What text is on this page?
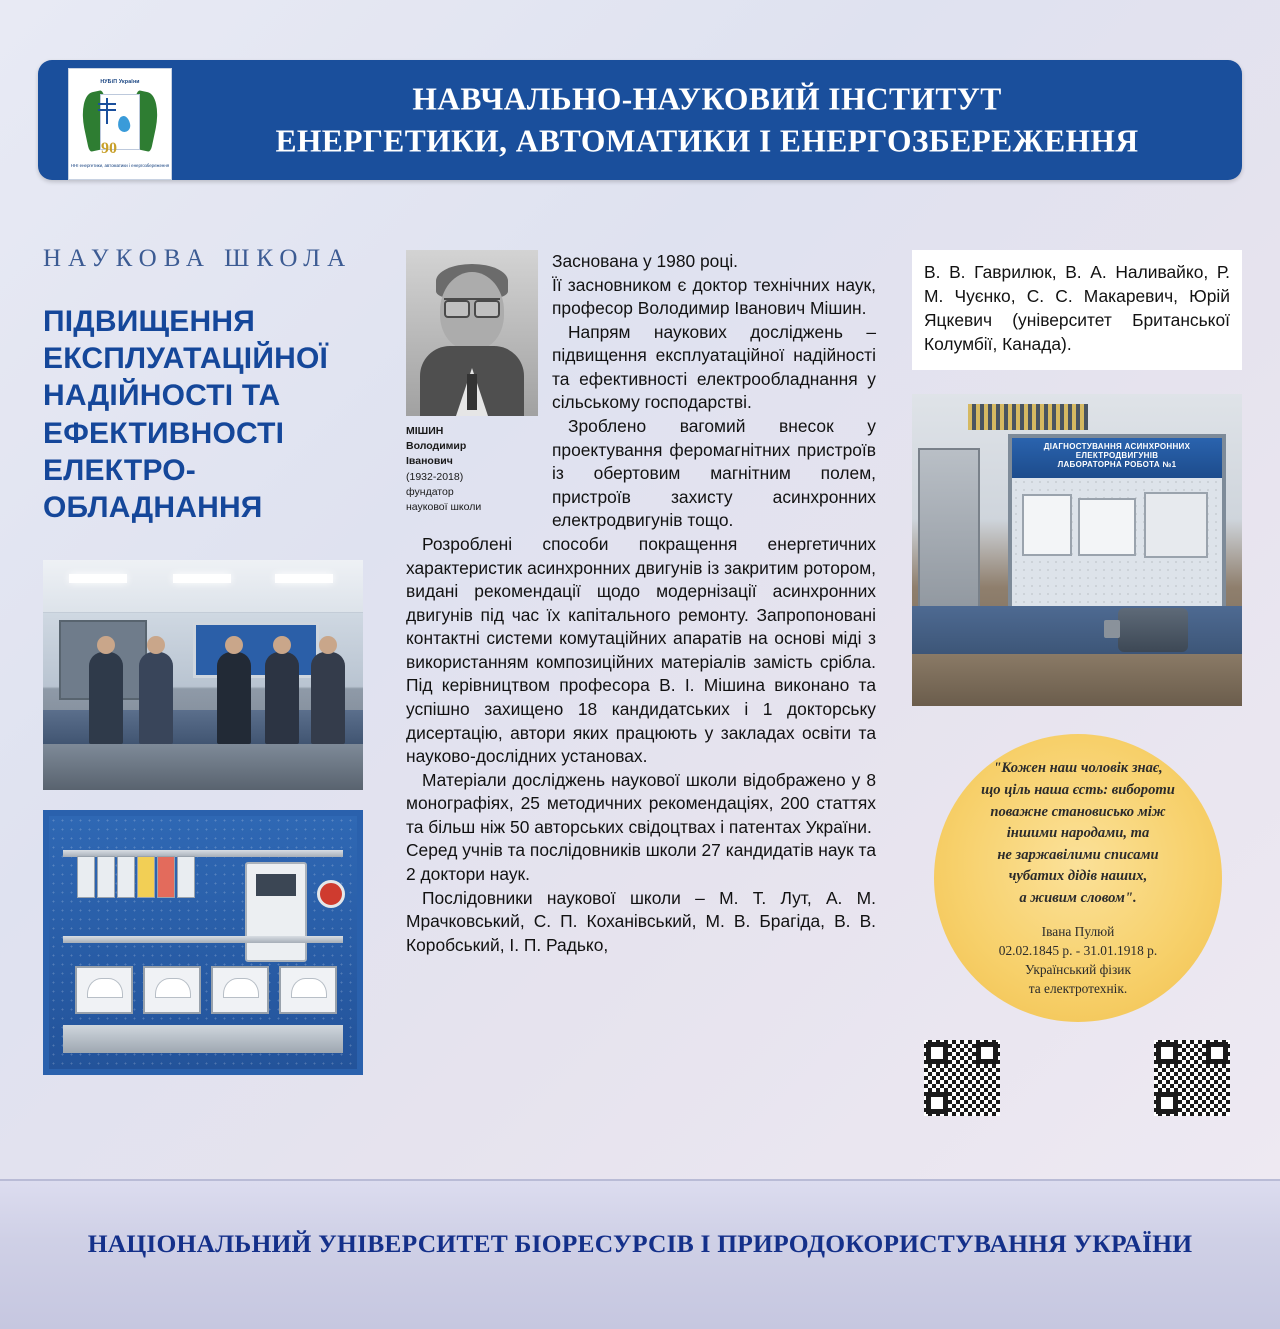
НУБіП України
90
ННІ енергетики, автоматики і енергозбереження
НАВЧАЛЬНО-НАУКОВИЙ ІНСТИТУТ
ЕНЕРГЕТИКИ, АВТОМАТИКИ І ЕНЕРГОЗБЕРЕЖЕННЯ
НАУКОВА ШКОЛА
ПІДВИЩЕННЯ ЕКСПЛУАТАЦІЙНОЇ НАДІЙНОСТІ ТА ЕФЕКТИВНОСТІ ЕЛЕКТРО-ОБЛАДНАННЯ
МІШИН
Володимир
Іванович
(1932-2018)
фундатор
наукової школи

Заснована у 1980 році.

Її засновником є доктор технічних наук, професор Володимир Іванович Мішин.

Напрям наукових досліджень – підвищення експлуатаційної надійності та ефективності електрообладнання у сільському господарстві.

Зроблено вагомий внесок у проектування феромагнітних пристроїв із обертовим магнітним полем, пристроїв захисту асинхронних електродвигунів тощо.

Розроблені способи покращення енергетичних характеристик асинхронних двигунів із закритим ротором, видані рекомендації щодо модернізації асинхронних двигунів під час їх капітального ремонту. Запропоновані контактні системи комутаційних апаратів на основі міді з використанням композиційних матеріалів замість срібла. Під керівництвом професора В. І. Мішина виконано та успішно захищено 18 кандидатських і 1 докторську дисертацію, автори яких працюють у закладах освіти та науково-дослідних установах.

Матеріали досліджень наукової школи відображено у 8 монографіях, 25 методичних рекомендаціях, 200 статтях та більш ніж 50 авторських свідоцтвах і патентах України.

Серед учнів та послідовників школи 27 кандидатів наук та 2 доктори наук.

Послідовники наукової школи – М. Т. Лут, А. М. Мрачковський, С. П. Коханівський, М. В. Брагіда, В. В. Коробський, І. П. Радько,

В. В. Гаврилюк, В. А. Наливайко, Р. М. Чуєнко, С. С. Макаревич, Юрій Яцкевич (університет Британської Колумбії, Канада).

ДІАГНОСТУВАННЯ АСИНХРОННИХ
ЕЛЕКТРОДВИГУНІВ
ЛАБОРАТОРНА РОБОТА №1
"Кожен наш чоловік знає,
що ціль наша єсть: вибороти
поважне становисько між
іншими народами, та
не заржавілими списами
чубатих дідів наших,
а живим словом".
Івана Пулюй
02.02.1845 р. - 31.01.1918 р.
Український фізик
та електротехнік.
НАЦІОНАЛЬНИЙ УНІВЕРСИТЕТ БІОРЕСУРСІВ І ПРИРОДОКОРИСТУВАННЯ УКРАЇНИ
